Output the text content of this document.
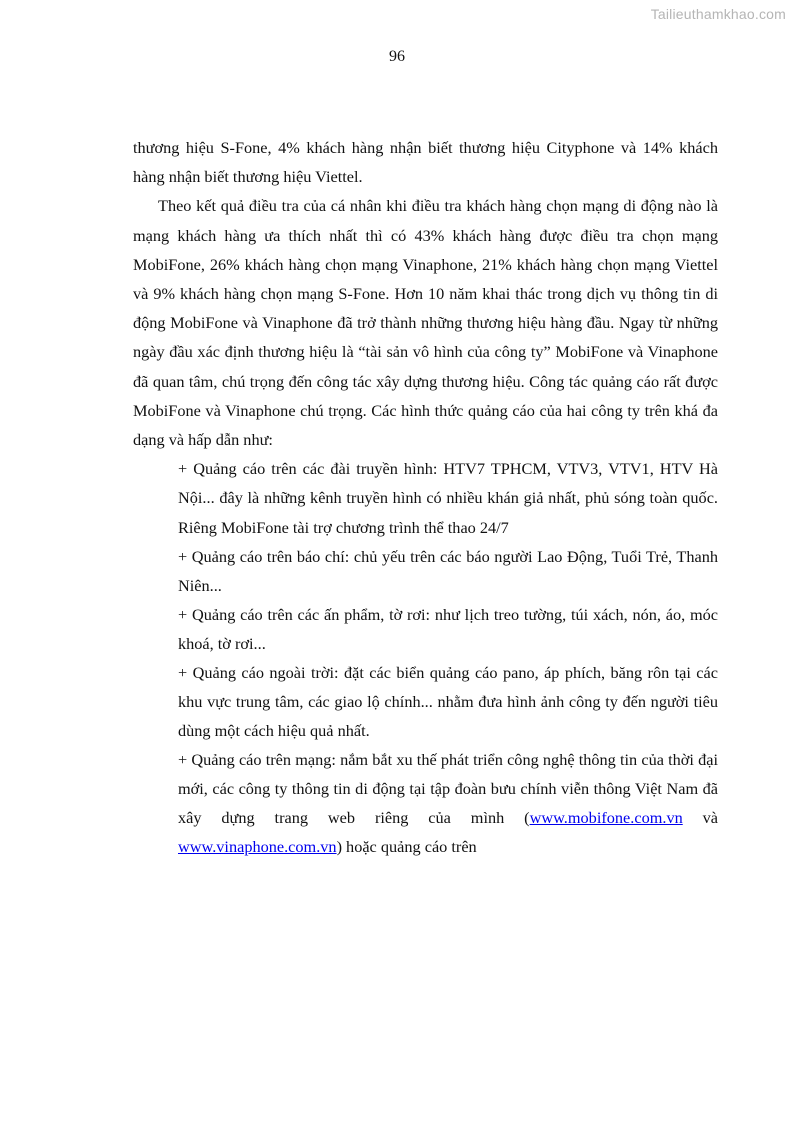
Tailieuthamkhao.com
96

thương hiệu S-Fone, 4% khách hàng nhận biết thương hiệu Cityphone và 14% khách hàng nhận biết thương hiệu Viettel.

Theo kết quả điều tra của cá nhân khi điều tra khách hàng chọn mạng di động nào là mạng khách hàng ưa thích nhất thì có 43% khách hàng được điều tra chọn mạng MobiFone, 26% khách hàng chọn mạng Vinaphone, 21% khách hàng chọn mạng Viettel và 9% khách hàng chọn mạng S-Fone. Hơn 10 năm khai thác trong dịch vụ thông tin di động MobiFone và Vinaphone đã trở thành những thương hiệu hàng đầu. Ngay từ những ngày đầu xác định thương hiệu là “tài sản vô hình của công ty” MobiFone và Vinaphone đã quan tâm, chú trọng đến công tác xây dựng thương hiệu. Công tác quảng cáo rất được MobiFone và Vinaphone chú trọng. Các hình thức quảng cáo của hai công ty trên khá đa dạng và hấp dẫn như:

+ Quảng cáo trên các đài truyền hình: HTV7 TPHCM, VTV3, VTV1, HTV Hà Nội... đây là những kênh truyền hình có nhiều khán giả nhất, phủ sóng toàn quốc. Riêng MobiFone tài trợ chương trình thể thao 24/7

+ Quảng cáo trên báo chí: chủ yếu trên các báo người Lao Động, Tuổi Trẻ, Thanh Niên...

+ Quảng cáo trên các ấn phẩm, tờ rơi: như lịch treo tường, túi xách, nón, áo, móc khoá, tờ rơi...

+ Quảng cáo ngoài trời: đặt các biển quảng cáo pano, áp phích, băng rôn tại các khu vực trung tâm, các giao lộ chính... nhằm đưa hình ảnh công ty đến người tiêu dùng một cách hiệu quả nhất.

+ Quảng cáo trên mạng: nắm bắt xu thế phát triển công nghệ thông tin của thời đại mới, các công ty thông tin di động tại tập đoàn bưu chính viễn thông Việt Nam đã xây dựng trang web riêng của mình (www.mobifone.com.vn và www.vinaphone.com.vn) hoặc quảng cáo trên
